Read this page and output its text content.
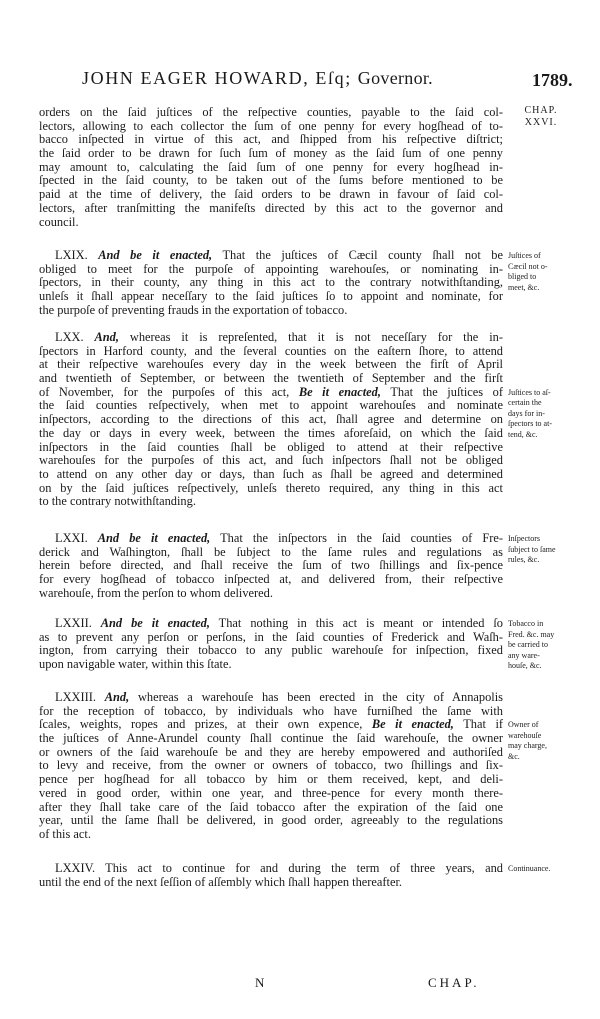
JOHN EAGER HOWARD, Eſq; Governor.	1789.
CHAP.
XXVI.
orders on the ſaid juſtices of the reſpective counties, payable to the ſaid col-
lectors, allowing to each collector the ſum of one penny for every hogſhead of to-
bacco inſpected in virtue of this act, and ſhipped from his reſpective diſtrict;
the ſaid order to be drawn for ſuch ſum of money as the ſaid ſum of one penny
may amount to, calculating the ſaid ſum of one penny for every hogſhead in-
ſpected in the ſaid county, to be taken out of the ſums before mentioned to be
paid at the time of delivery, the ſaid orders to be drawn in favour of ſaid col-
lectors, after tranſmitting the manifeſts directed by this act to the governor and
council.
LXIX. And be it enacted, That the juſtices of Cæcil county ſhall not be
obliged to meet for the purpoſe of appointing warehouſes, or nominating in-
ſpectors, in their county, any thing in this act to the contrary notwithſtanding,
unleſs it ſhall appear neceſſary to the ſaid juſtices ſo to appoint and nominate, for
the purpoſe of preventing frauds in the exportation of tobacco.
Juſtices of
Cæcil not o-
bliged to
meet, &c.
LXX. And, whereas it is repreſented, that it is not neceſſary for the in-
ſpectors in Harford county, and the ſeveral counties on the eaſtern ſhore, to attend
at their reſpective warehouſes every day in the week between the firſt of April
and twentieth of September, or between the twentieth of September and the firſt
of November, for the purpoſes of this act, Be it enacted, That the juſtices of
the ſaid counties reſpectively, when met to appoint warehouſes and nominate
inſpectors, according to the directions of this act, ſhall agree and determine on
the day or days in every week, between the times aforeſaid, on which the ſaid
inſpectors in the ſaid counties ſhall be obliged to attend at their reſpective
warehouſes for the purpoſes of this act, and ſuch inſpectors ſhall not be obliged
to attend on any other day or days, than ſuch as ſhall be agreed and determined
on by the ſaid juſtices reſpectively, unleſs thereto required, any thing in this act
to the contrary notwithſtanding.
Juſtices to aſ-
certain the
days for in-
ſpectors to at-
tend, &c.
LXXI. And be it enacted, That the inſpectors in the ſaid counties of Fre-
derick and Waſhington, ſhall be ſubject to the ſame rules and regulations as
herein before directed, and ſhall receive the ſum of two ſhillings and ſix-pence
for every hogſhead of tobacco inſpected at, and delivered from, their reſpective
warehouſe, from the perſon to whom delivered.
Inſpectors
ſubject to ſame
rules, &c.
LXXII. And be it enacted, That nothing in this act is meant or intended ſo
as to prevent any perſon or perſons, in the ſaid counties of Frederick and Waſh-
ington, from carrying their tobacco to any public warehouſe for inſpection, fixed
upon navigable water, within this ſtate.
Tobacco in
Fred. &c. may
be carried to
any ware-
houſe, &c.
LXXIII. And, whereas a warehouſe has been erected in the city of Annapolis
for the reception of tobacco, by individuals who have furniſhed the ſame with
ſcales, weights, ropes and prizes, at their own expence, Be it enacted, That if
the juſtices of Anne-Arundel county ſhall continue the ſaid warehouſe, the owner
or owners of the ſaid warehouſe be and they are hereby empowered and authoriſed
to levy and receive, from the owner or owners of tobacco, two ſhillings and ſix-
pence per hogſhead for all tobacco by him or them received, kept, and deli-
vered in good order, within one year, and three-pence for every month there-
after they ſhall take care of the ſaid tobacco after the expiration of the ſaid one
year, until the ſame ſhall be delivered, in good order, agreeably to the regulations
of this act.
Owner of
warehouſe
may charge,
&c.
LXXIV. This act to continue for and during the term of three years, and
until the end of the next ſeſſion of aſſembly which ſhall happen thereafter.
Continuance.
N	CHAP.
